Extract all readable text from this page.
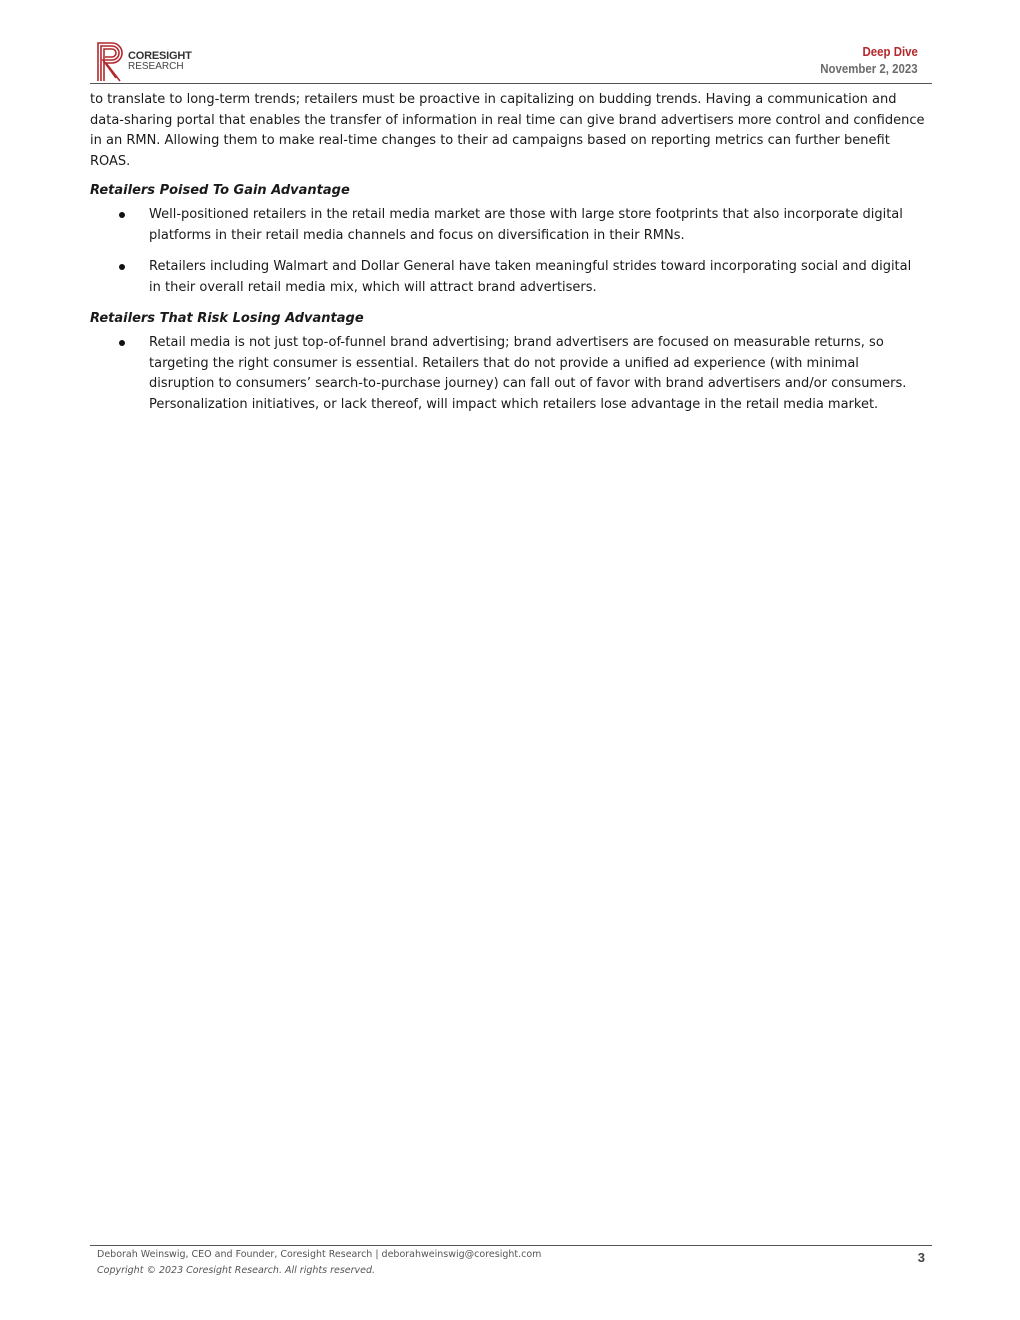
CORESIGHT
RESEARCH
Deep Dive
November 2, 2023

to translate to long-term trends; retailers must be proactive in capitalizing on budding trends. Having a communication and data-sharing portal that enables the transfer of information in real time can give brand advertisers more control and confidence in an RMN. Allowing them to make real-time changes to their ad campaigns based on reporting metrics can further benefit ROAS.

Retailers Poised To Gain Advantage

Well-positioned retailers in the retail media market are those with large store footprints that also incorporate digital platforms in their retail media channels and focus on diversification in their RMNs.
Retailers including Walmart and Dollar General have taken meaningful strides toward incorporating social and digital in their overall retail media mix, which will attract brand advertisers.

Retailers That Risk Losing Advantage

Retail media is not just top-of-funnel brand advertising; brand advertisers are focused on measurable returns, so targeting the right consumer is essential. Retailers that do not provide a unified ad experience (with minimal disruption to consumers’ search-to-purchase journey) can fall out of favor with brand advertisers and/or consumers. Personalization initiatives, or lack thereof, will impact which retailers lose advantage in the retail media market.
Deborah Weinswig, CEO and Founder, Coresight Research | deborahweinswig@coresight.com
Copyright © 2023 Coresight Research. All rights reserved.
3
